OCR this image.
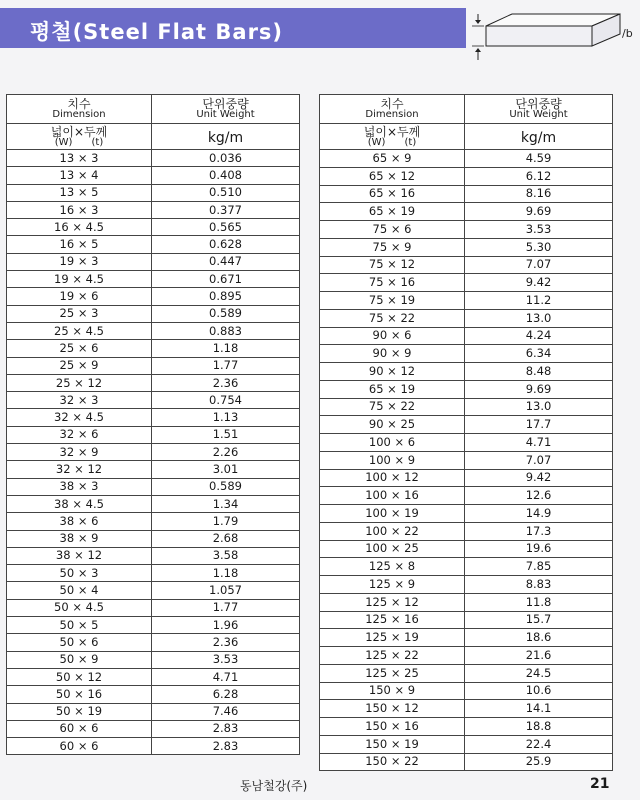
평철(Steel Flat Bars)	/b
치수
Dimension	단위중량
Unit Weight

넓이×두께
(W)      (t)	kg/m
13 × 3	0.036
13 × 4	0.408
13 × 5	0.510
16 × 3	0.377
16 × 4.5	0.565
16 × 5	0.628
19 × 3	0.447
19 × 4.5	0.671
19 × 6	0.895
25 × 3	0.589
25 × 4.5	0.883
25 × 6	1.18
25 × 9	1.77
25 × 12	2.36
32 × 3	0.754
32 × 4.5	1.13
32 × 6	1.51
32 × 9	2.26
32 × 12	3.01
38 × 3	0.589
38 × 4.5	1.34
38 × 6	1.79
38 × 9	2.68
38 × 12	3.58
50 × 3	1.18
50 × 4	1.057
50 × 4.5	1.77
50 × 5	1.96
50 × 6	2.36
50 × 9	3.53
50 × 12	4.71
50 × 16	6.28
50 × 19	7.46
60 × 6	2.83
60 × 6	2.83
치수
Dimension	단위중량
Unit Weight

넓이×두께
(W)      (t)	kg/m
65 × 9	4.59
65 × 12	6.12
65 × 16	8.16
65 × 19	9.69
75 × 6	3.53
75 × 9	5.30
75 × 12	7.07
75 × 16	9.42
75 × 19	11.2
75 × 22	13.0
90 × 6	4.24
90 × 9	6.34
90 × 12	8.48
65 × 19	9.69
75 × 22	13.0
90 × 25	17.7
100 × 6	4.71
100 × 9	7.07
100 × 12	9.42
100 × 16	12.6
100 × 19	14.9
100 × 22	17.3
100 × 25	19.6
125 × 8	7.85
125 × 9	8.83
125 × 12	11.8
125 × 16	15.7
125 × 19	18.6
125 × 22	21.6
125 × 25	24.5
150 × 9	10.6
150 × 12	14.1
150 × 16	18.8
150 × 19	22.4
150 × 22	25.9
동남철강(주)	21
